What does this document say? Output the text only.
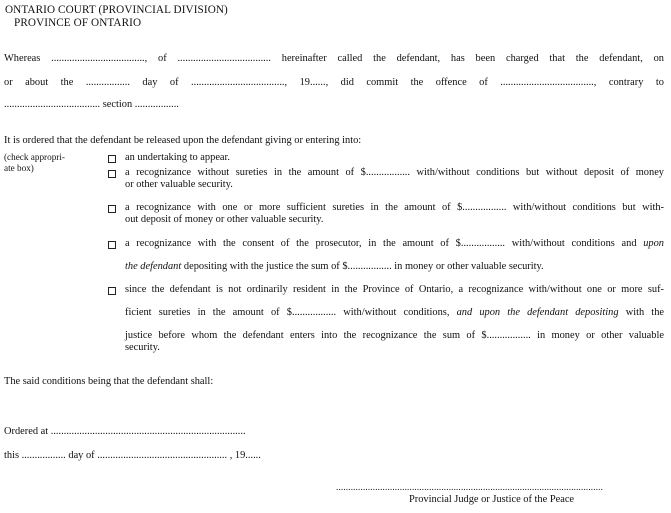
ONTARIO COURT (PROVINCIAL DIVISION)
PROVINCE OF ONTARIO
Whereas ...................................., of .................................... hereinafter called the defendant, has been charged that the defendant, on
or about the ................. day of ...................................., 19......, did commit the offence of ...................................., contrary to
..................................... section .................
It is ordered that the defendant be released upon the defendant giving or entering into:
(check appropri-
ate box)
an undertaking to appear.
a recognizance without sureties in the amount of $................. with/without conditions but without deposit of money
or other valuable security.
a recognizance with one or more sufficient sureties in the amount of $................. with/without conditions but with-
out deposit of money or other valuable security.
a recognizance with the consent of the prosecutor, in the amount of $................. with/without conditions and upon
the defendant depositing with the justice the sum of $................. in money or other valuable security.
since the defendant is not ordinarily resident in the Province of Ontario, a recognizance with/without one or more suf-
ficient sureties in the amount of $................. with/without conditions, and upon the defendant depositing with the
justice before whom the defendant enters into the recognizance the sum of $................. in money or other valuable
security.
The said conditions being that the defendant shall:
Ordered at ...........................................................................
this ................. day of .................................................. , 19......
.............................................................................................................
Provincial Judge or Justice of the Peace
